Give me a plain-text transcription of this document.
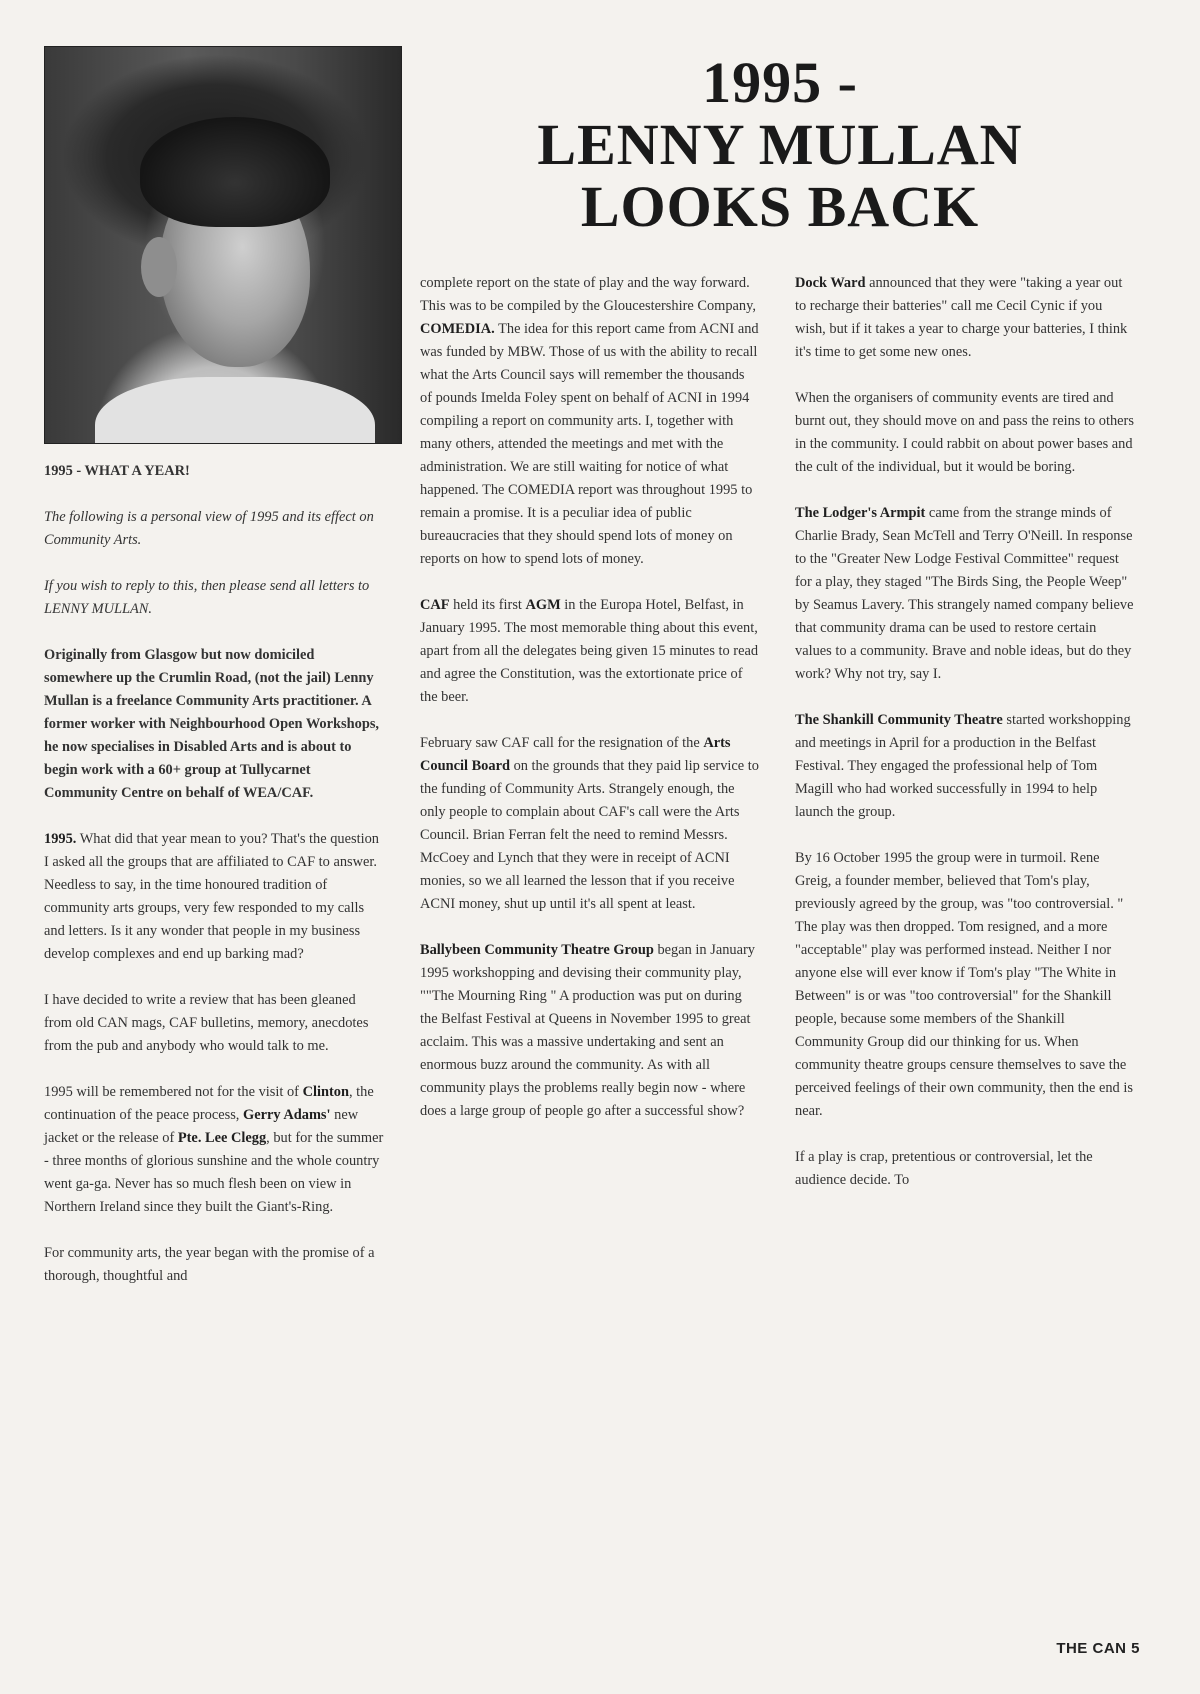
1995 -
LENNY MULLAN
LOOKS BACK

1995 - WHAT A YEAR!

The following is a personal view of 1995 and its effect on Community Arts.

If you wish to reply to this, then please send all letters to LENNY MULLAN.

Originally from Glasgow but now domiciled somewhere up the Crumlin Road, (not the jail) Lenny Mullan is a freelance Community Arts practitioner. A former worker with Neighbourhood Open Workshops, he now specialises in Disabled Arts and is about to begin work with a 60+ group at Tullycarnet Community Centre on behalf of WEA/CAF.

1995. What did that year mean to you? That's the question I asked all the groups that are affiliated to CAF to answer. Needless to say, in the time honoured tradition of community arts groups, very few responded to my calls and letters. Is it any wonder that people in my business develop complexes and end up barking mad?

I have decided to write a review that has been gleaned from old CAN mags, CAF bulletins, memory, anecdotes from the pub and anybody who would talk to me.

1995 will be remembered not for the visit of Clinton, the continuation of the peace process, Gerry Adams' new jacket or the release of Pte. Lee Clegg, but for the summer - three months of glorious sunshine and the whole country went ga-ga. Never has so much flesh been on view in Northern Ireland since they built the Giant's-Ring.

For community arts, the year began with the promise of a thorough, thoughtful and

complete report on the state of play and the way forward. This was to be compiled by the Gloucestershire Company, COMEDIA. The idea for this report came from ACNI and was funded by MBW. Those of us with the ability to recall what the Arts Council says will remember the thousands of pounds Imelda Foley spent on behalf of ACNI in 1994 compiling a report on community arts. I, together with many others, attended the meetings and met with the administration. We are still waiting for notice of what happened. The COMEDIA report was throughout 1995 to remain a promise. It is a peculiar idea of public bureaucracies that they should spend lots of money on reports on how to spend lots of money.

CAF held its first AGM in the Europa Hotel, Belfast, in January 1995. The most memorable thing about this event, apart from all the delegates being given 15 minutes to read and agree the Constitution, was the extortionate price of the beer.

February saw CAF call for the resignation of the Arts Council Board on the grounds that they paid lip service to the funding of Community Arts. Strangely enough, the only people to complain about CAF's call were the Arts Council. Brian Ferran felt the need to remind Messrs. McCoey and Lynch that they were in receipt of ACNI monies, so we all learned the lesson that if you receive ACNI money, shut up until it's all spent at least.

Ballybeen Community Theatre Group began in January 1995 workshopping and devising their community play, ""The Mourning Ring " A production was put on during the Belfast Festival at Queens in November 1995 to great acclaim. This was a massive undertaking and sent an enormous buzz around the community. As with all community plays the problems really begin now - where does a large group of people go after a successful show?

Dock Ward announced that they were "taking a year out to recharge their batteries" call me Cecil Cynic if you wish, but if it takes a year to charge your batteries, I think it's time to get some new ones.

When the organisers of community events are tired and burnt out, they should move on and pass the reins to others in the community. I could rabbit on about power bases and the cult of the individual, but it would be boring.

The Lodger's Armpit came from the strange minds of Charlie Brady, Sean McTell and Terry O'Neill. In response to the "Greater New Lodge Festival Committee" request for a play, they staged "The Birds Sing, the People Weep" by Seamus Lavery. This strangely named company believe that community drama can be used to restore certain values to a community. Brave and noble ideas, but do they work? Why not try, say I.

The Shankill Community Theatre started workshopping and meetings in April for a production in the Belfast Festival. They engaged the professional help of Tom Magill who had worked successfully in 1994 to help launch the group.

By 16 October 1995 the group were in turmoil. Rene Greig, a founder member, believed that Tom's play, previously agreed by the group, was "too controversial. " The play was then dropped. Tom resigned, and a more "acceptable" play was performed instead. Neither I nor anyone else will ever know if Tom's play "The White in Between" is or was "too controversial" for the Shankill people, because some members of the Shankill Community Group did our thinking for us. When community theatre groups censure themselves to save the perceived feelings of their own community, then the end is near.

If a play is crap, pretentious or controversial, let the audience decide. To

THE CAN 5
